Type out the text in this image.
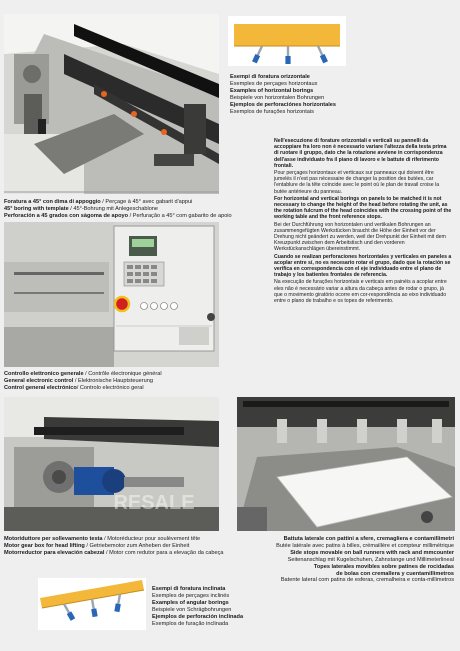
Esempi di foratura orizzontale
Exemples de perçages horizontaux
Examples of horizontal borings
Beispiele von horizontalen Bohrungen
Ejemplos de perforaciónes horizontales
Exemplos de furações horizontais
Foratura a 45° con dima di appoggio / Perçage à 45° avec gabarit d'appui
45° boring with template / 45°-Bohrung mit Anlegeschablone
Perforación a 45 grados con sàgoma de apoyo / Perfuração a 45° com gabarito de apoio

Nell'esecuzione di forature orizzontali e verticali su pannelli da accoppiare fra loro non è necessario variare l'altezza della testa prima di ruotare il gruppo, dato che la rotazione avviene in corrispondenza dell'asse individuato fra il piano di lavoro e le battute di riferimento frontali.

Pour perçages horizontaux et verticaux sur panneaux qui doivent être jumelés il n'est pas nécessaire de changer la position des butées, car l'entablure de la tête coïncide avec le point où le plan de travail croise la butée antérieure du panneau.

For horizontal and vertical borings on panels to be matched it is not necessary to change the height of the head before rotating the unit, as the rotation fulcrum of the head coincides with the crossing point of the working table and the front reference stops.

Bei der Durchführung von horizontalen und vertikalen Bohrungen an zusammengefügten Werkstücken braucht die Höhe der Einheit vor der Drehung nicht geändert zu werden, weil der Drehpunkt der Einheit mit dem Kreuzpunkt zwischen dem Arbeitstisch und den vorderen Werkstückanschlägen übereinstimmt.

Cuando se realizan perforaciones horizontales y verticales en paneles a acoplar entre sí, no es necesario rotar el grupo, dado que la rotación se verifica en correspondencia con el eje individuado entre el plano de trabajo y los batientes frontales de referencia.

Na execução de furações horizontais e verticais em painéis a acoplar entre eles não é necessário variar a altura da cabeça antes de rodar o grupo, já que o movimento giratório ocorre em cor-respondência ao eixo individuado entre o plano de trabalho e os topes de referimento.

Controllo elettronico generale / Contrôle électronique général
General electronic control / Elektronische Hauptsteuerung
Control general electrónico/ Controlo electrónico geral
RESALE
Motoriduttore per sollevamento testa / Motoréducteur pour soulèvement tête
Motor gear box for head lifting / Getriebemotor zum Anheben der Einheit
Motorreductor para elevación cabezal / Motor com redutor para a elevação da cabeça
Battuta laterale con pattini a sfere, cremagliera e contamillimetri
Butée latérale avec patins à billes, crémaillère et compteur millimétrique
Side stops movable on ball runners with rack and mmcounter
Seitenanschlag mit Kugelschuhen, Zahnstange und Millimeterlineal
Topes laterales movibles sobre patines de rocidadas
de bolas con cremallera y cuentamillimetros
Batente lateral com patins de esferas, cremalheira e conta-millimetros
Esempi di foratura inclinata
Exemples de perçages inclinés
Examples of angular borings
Beispiele von Schrägbohrungen
Ejemplos de perforación inclinada
Exemplos de furação inclinada
